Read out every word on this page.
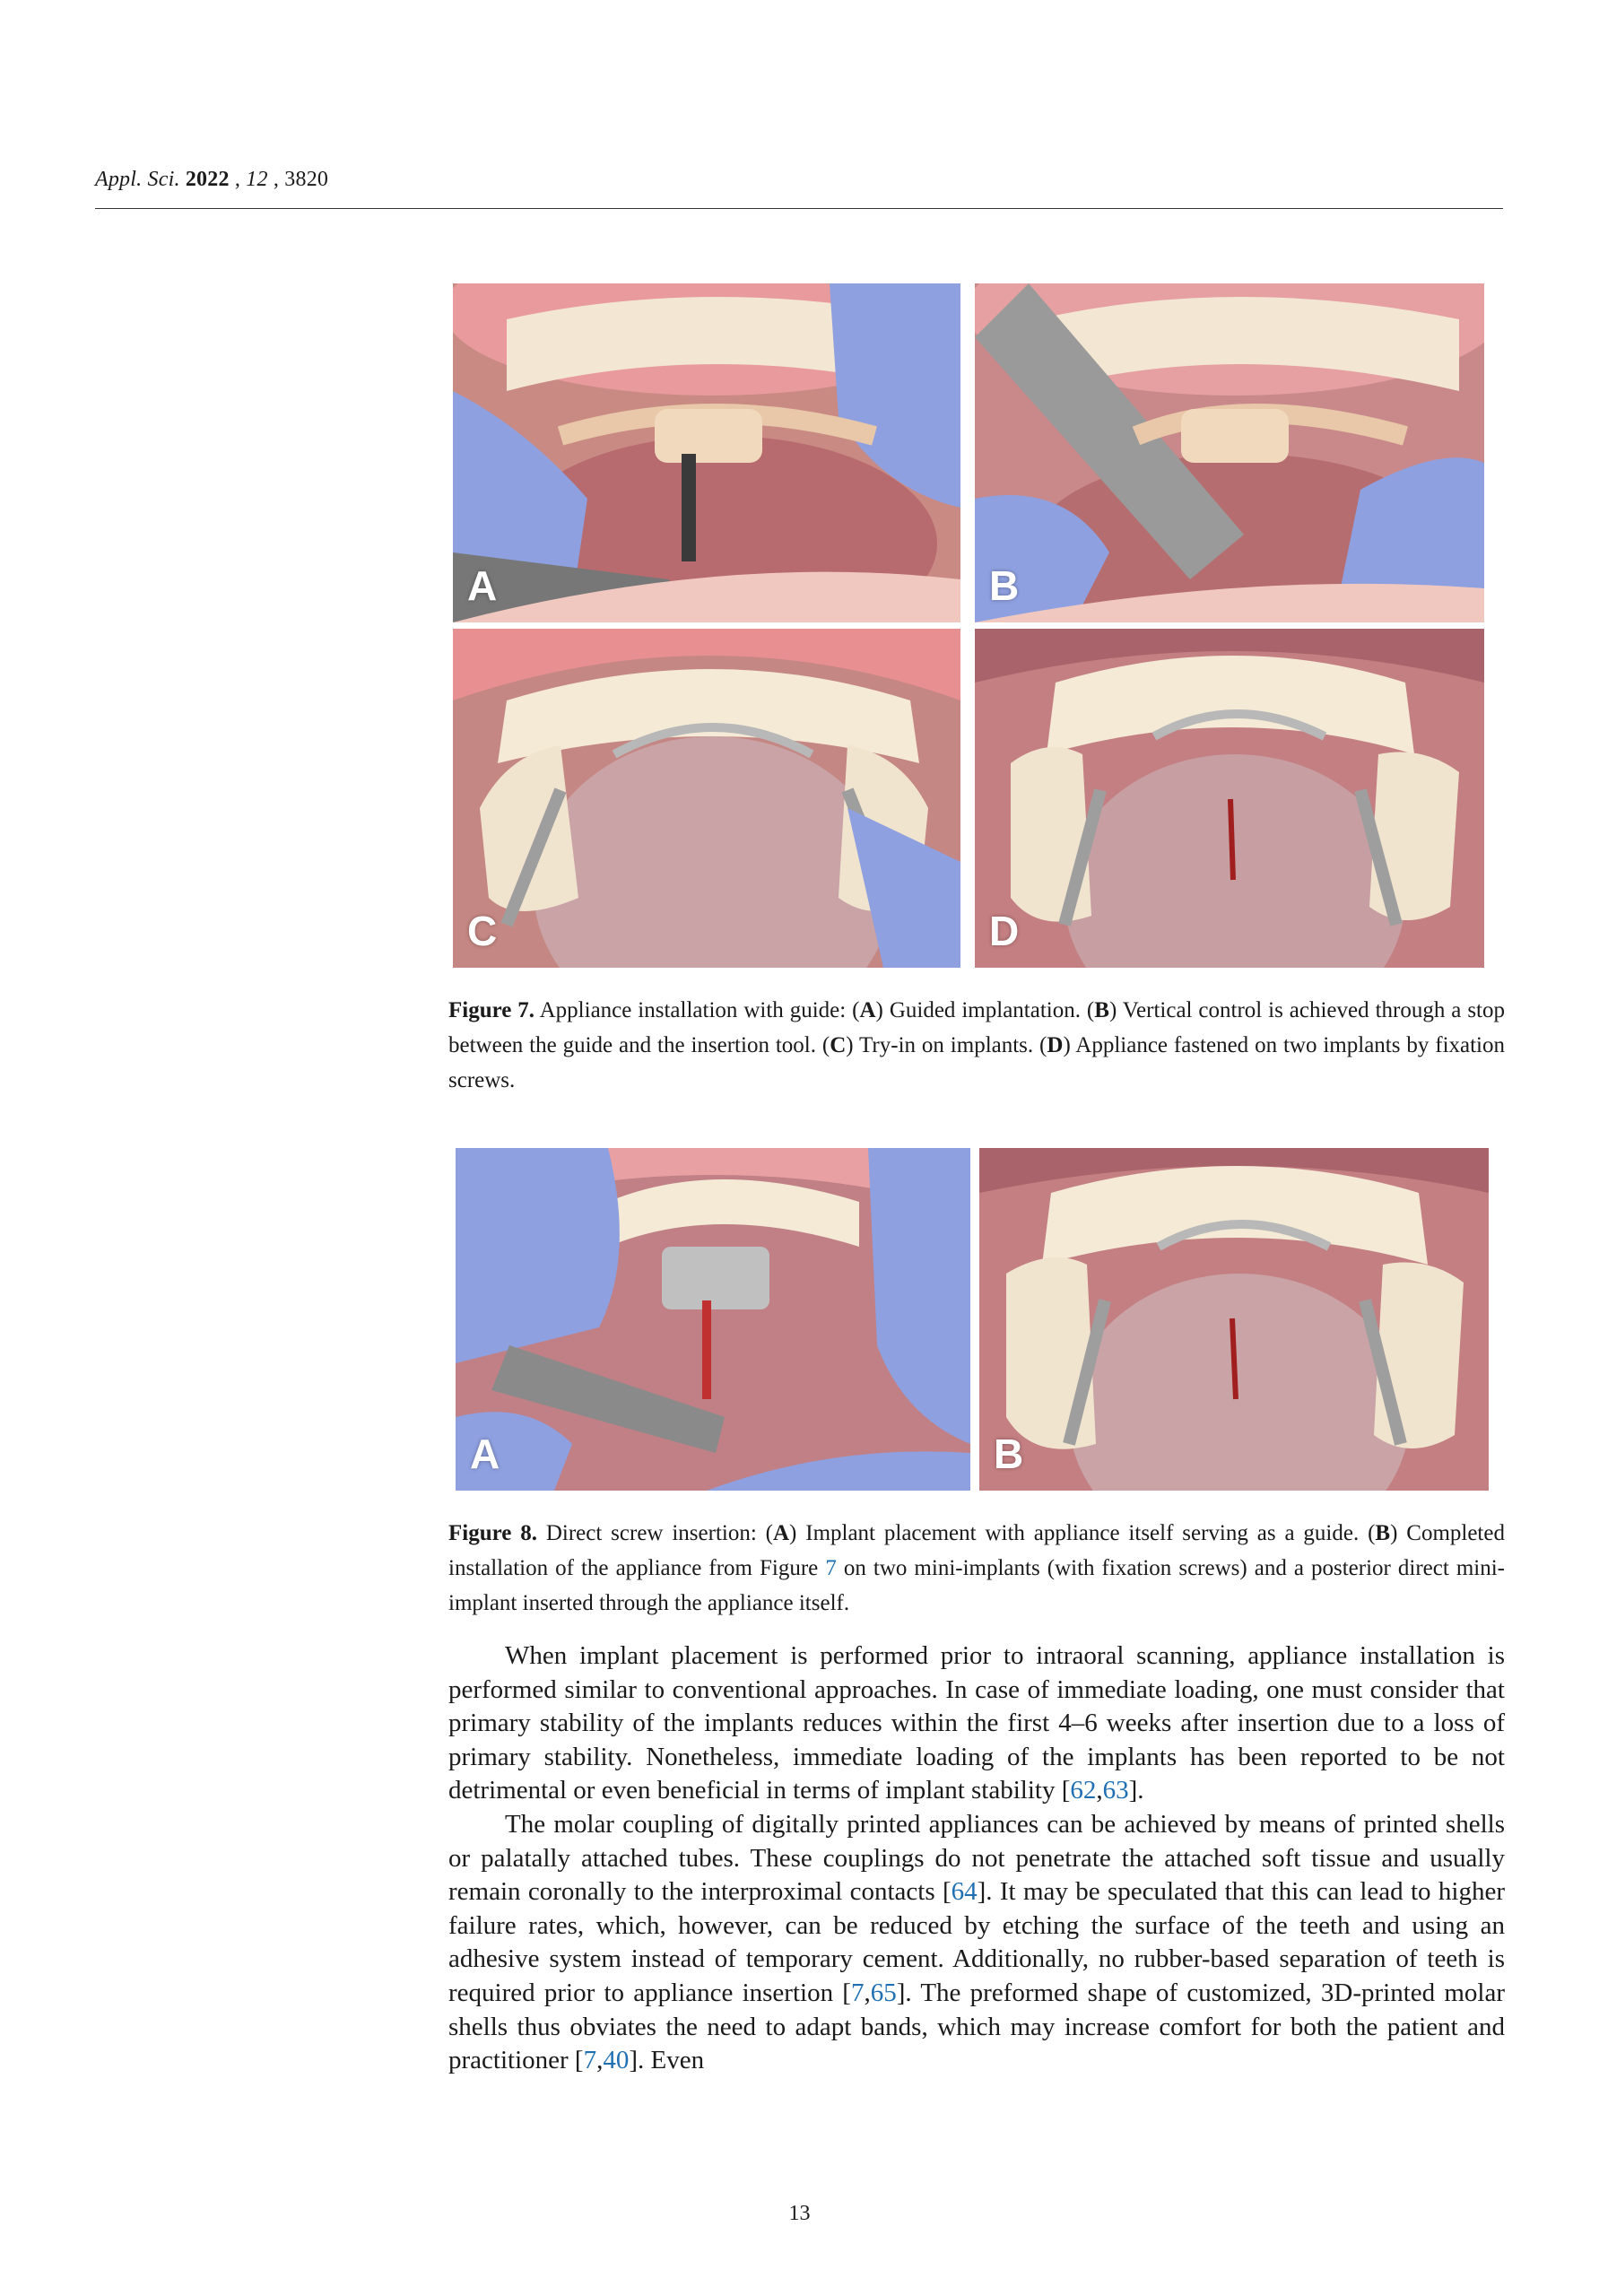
Appl. Sci. 2022 , 12 , 3820
A	B
C	D
Figure 7. Appliance installation with guide: (A) Guided implantation. (B) Vertical control is achieved through a stop between the guide and the insertion tool. (C) Try-in on implants. (D) Appliance fastened on two implants by fixation screws.
A	B
Figure 8. Direct screw insertion: (A) Implant placement with appliance itself serving as a guide. (B) Completed installation of the appliance from Figure 7 on two mini-implants (with fixation screws) and a posterior direct mini-implant inserted through the appliance itself.

When implant placement is performed prior to intraoral scanning, appliance installation is performed similar to conventional approaches. In case of immediate loading, one must consider that primary stability of the implants reduces within the first 4–6 weeks after insertion due to a loss of primary stability. Nonetheless, immediate loading of the implants has been reported to be not detrimental or even beneficial in terms of implant stability [62,63].

The molar coupling of digitally printed appliances can be achieved by means of printed shells or palatally attached tubes. These couplings do not penetrate the attached soft tissue and usually remain coronally to the interproximal contacts [64]. It may be speculated that this can lead to higher failure rates, which, however, can be reduced by etching the surface of the teeth and using an adhesive system instead of temporary cement. Additionally, no rubber-based separation of teeth is required prior to appliance insertion [7,65]. The preformed shape of customized, 3D-printed molar shells thus obviates the need to adapt bands, which may increase comfort for both the patient and practitioner [7,40]. Even

13
